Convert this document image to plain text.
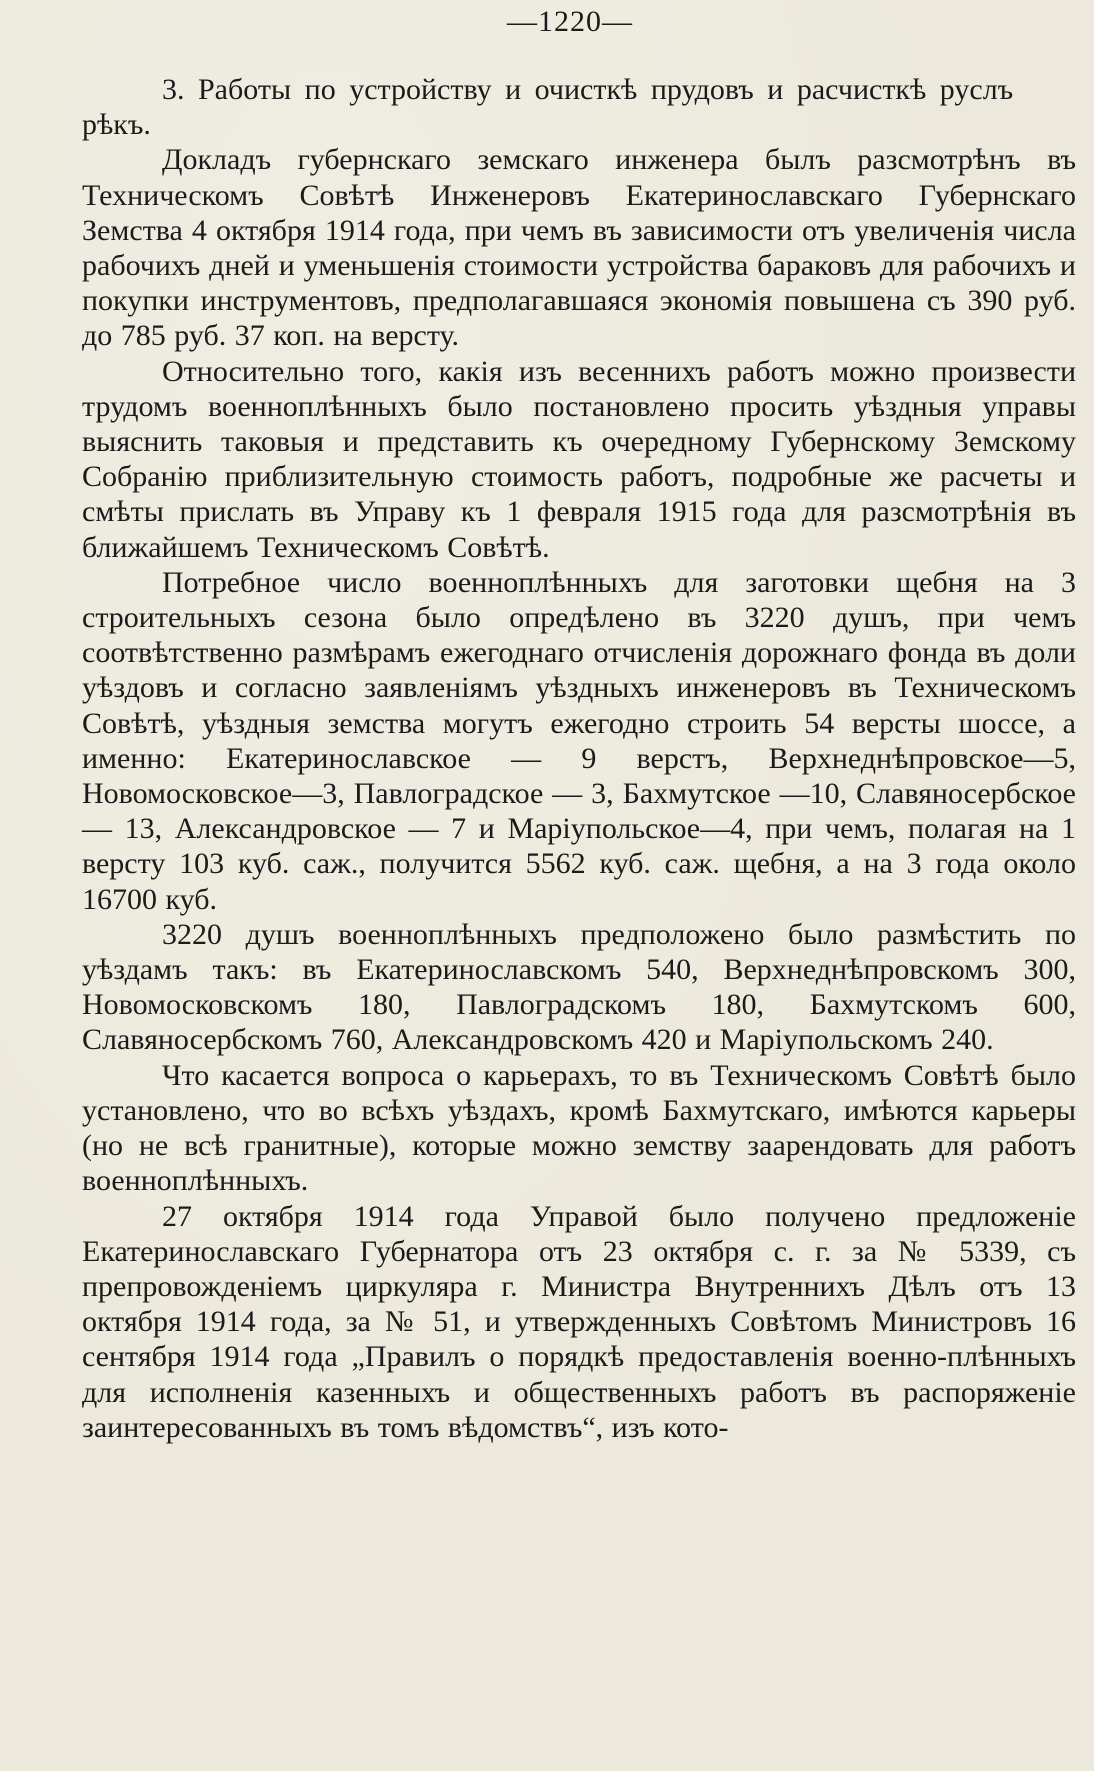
—1220—

3. Работы по устройству и очисткѣ прудовъ и расчисткѣ руслъ рѣкъ.

Докладъ губернскаго земскаго инженера былъ разсмотрѣнъ въ Техническомъ Совѣтѣ Инженеровъ Екатеринославскаго Губернскаго Земства 4 октября 1914 года, при чемъ въ зависимости отъ увеличенія числа рабочихъ дней и уменьшенія стоимости устройства бараковъ для рабочихъ и покупки инструментовъ, предполагавшаяся экономія повышена съ 390 руб. до 785 руб. 37 коп. на версту.

Относительно того, какія изъ весеннихъ работъ можно произвести трудомъ военноплѣнныхъ было постановлено просить уѣздныя управы выяснить таковыя и представить къ очередному Губернскому Земскому Собранію приблизительную стоимость работъ, подробные же расчеты и смѣты прислать въ Управу къ 1 февраля 1915 года для разсмотрѣнія въ ближайшемъ Техническомъ Совѣтѣ.

Потребное число военноплѣнныхъ для заготовки щебня на 3 строительныхъ сезона было опредѣлено въ 3220 душъ, при чемъ соотвѣтственно размѣрамъ ежегоднаго отчисленія дорожнаго фонда въ доли уѣздовъ и согласно заявленіямъ уѣздныхъ инженеровъ въ Техническомъ Совѣтѣ, уѣздныя земства могутъ ежегодно строить 54 версты шоссе, а именно: Екатеринославское — 9 верстъ, Верхнеднѣпровское—5, Новомосковское—3, Павлоградское — 3, Бахмутское —10, Славяносербское — 13, Александровское — 7 и Маріупольское—4, при чемъ, полагая на 1 версту 103 куб. саж., получится 5562 куб. саж. щебня, а на 3 года около 16700 куб.

3220 душъ военноплѣнныхъ предположено было размѣстить по уѣздамъ такъ: въ Екатеринославскомъ 540, Верхнеднѣпровскомъ 300, Новомосковскомъ 180, Павлоградскомъ 180, Бахмутскомъ 600, Славяносербскомъ 760, Александровскомъ 420 и Маріупольскомъ 240.

Что касается вопроса о карьерахъ, то въ Техническомъ Совѣтѣ было установлено, что во всѣхъ уѣздахъ, кромѣ Бахмутскаго, имѣются карьеры (но не всѣ гранитные), которые можно земству заарендовать для работъ военноплѣнныхъ.

27 октября 1914 года Управой было получено предложеніе Екатеринославскаго Губернатора отъ 23 октября с. г. за № 5339, съ препровожденіемъ циркуляра г. Министра Внутреннихъ Дѣлъ отъ 13 октября 1914 года, за № 51, и утвержденныхъ Совѣтомъ Министровъ 16 сентября 1914 года „Правилъ о порядкѣ предоставленія военно-плѣнныхъ для исполненія казенныхъ и общественныхъ работъ въ распоряженіе заинтересованныхъ въ томъ вѣдомствъ“, изъ кото-
